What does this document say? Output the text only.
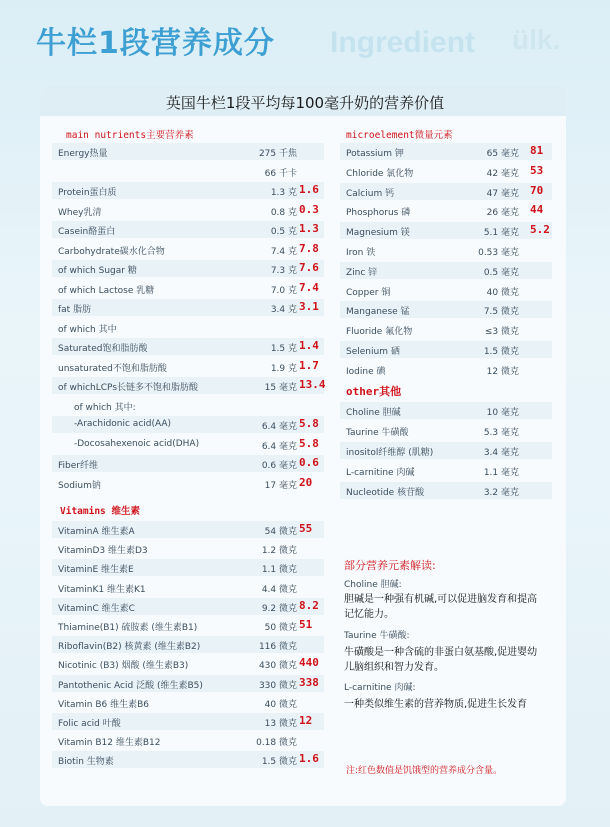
牛栏1段营养成分 Ingredient ülk.
英国牛栏1段平均每100毫升奶的营养价值
main nutrients主要营养素	microelement微量元素
Energy热量	275 千焦
66 千卡
Protein蛋白质	1.3 克 1.6
Whey乳清	0.8 克 0.3
Casein酪蛋白	0.5 克 1.3
Carbohydrate碳水化合物	7.4 克 7.8
of which Sugar 糖	7.3 克 7.6
of which Lactose 乳糖	7.0 克 7.4
fat 脂肪	3.4 克 3.1
of which 其中
Saturated饱和脂肪酸	1.5 克 1.4
unsaturated不饱和脂肪酸	1.9 克 1.7
of whichLCPs长链多不饱和脂肪酸	15 毫克 13.4
of which 其中:
-Arachidonic acid(AA)	6.4 毫克 5.8
-Docosahexenoic acid(DHA)	6.4 毫克 5.8
Fiber纤维	0.6 毫克 0.6
Sodium钠	17 毫克 20
VitaminA 维生素A	54 微克 55
VitaminD3 维生素D3	1.2 微克
VitaminE 维生素E	1.1 微克
VitaminK1 维生素K1	4.4 微克
VitaminC 维生素C	9.2 微克 8.2
Thiamine(B1) 硫胺素 (维生素B1)	50 微克 51
Riboflavin(B2) 核黄素 (维生素B2)	116 微克
Nicotinic (B3) 烟酸 (维生素B3)	430 微克 440
Pantothenic Acid 泛酸 (维生素B5)	330 微克 338
Vitamin B6 维生素B6	40 微克
Folic acid 叶酸	13 微克 12
Vitamin B12 维生素B12	0.18 微克
Biotin 生物素	1.5 微克 1.6
Potassium 钾	65 毫克 81
Chloride 氯化物	42 毫克 53
Calcium 钙	47 毫克 70
Phosphorus 磷	26 毫克 44
Magnesium 镁	5.1 毫克 5.2
Iron 铁	0.53 毫克
Zinc 锌	0.5 毫克
Copper 铜	40 微克
Manganese 锰	7.5 微克
Fluoride 氟化物	≤3 微克
Selenium 硒	1.5 微克
Iodine 碘	12 微克
Choline 胆碱	10 毫克
Taurine 牛磺酸	5.3 毫克
inositol纤维醇 (肌糖)	3.4 毫克
L-carnitine 肉碱	1.1 毫克
Nucleotide 核苷酸	3.2 毫克
Vitamins 维生素
other其他
部分营养元素解读:
Choline 胆碱:
胆碱是一种强有机碱,可以促进脑发育和提高记忆能力。
Taurine 牛磺酸:
牛磺酸是一种含硫的非蛋白氨基酸,促进婴幼儿脑组织和智力发育。
L-carnitine 肉碱:
一种类似维生素的营养物质,促进生长发育
注:红色数值是饥饿型的营养成分含量。
